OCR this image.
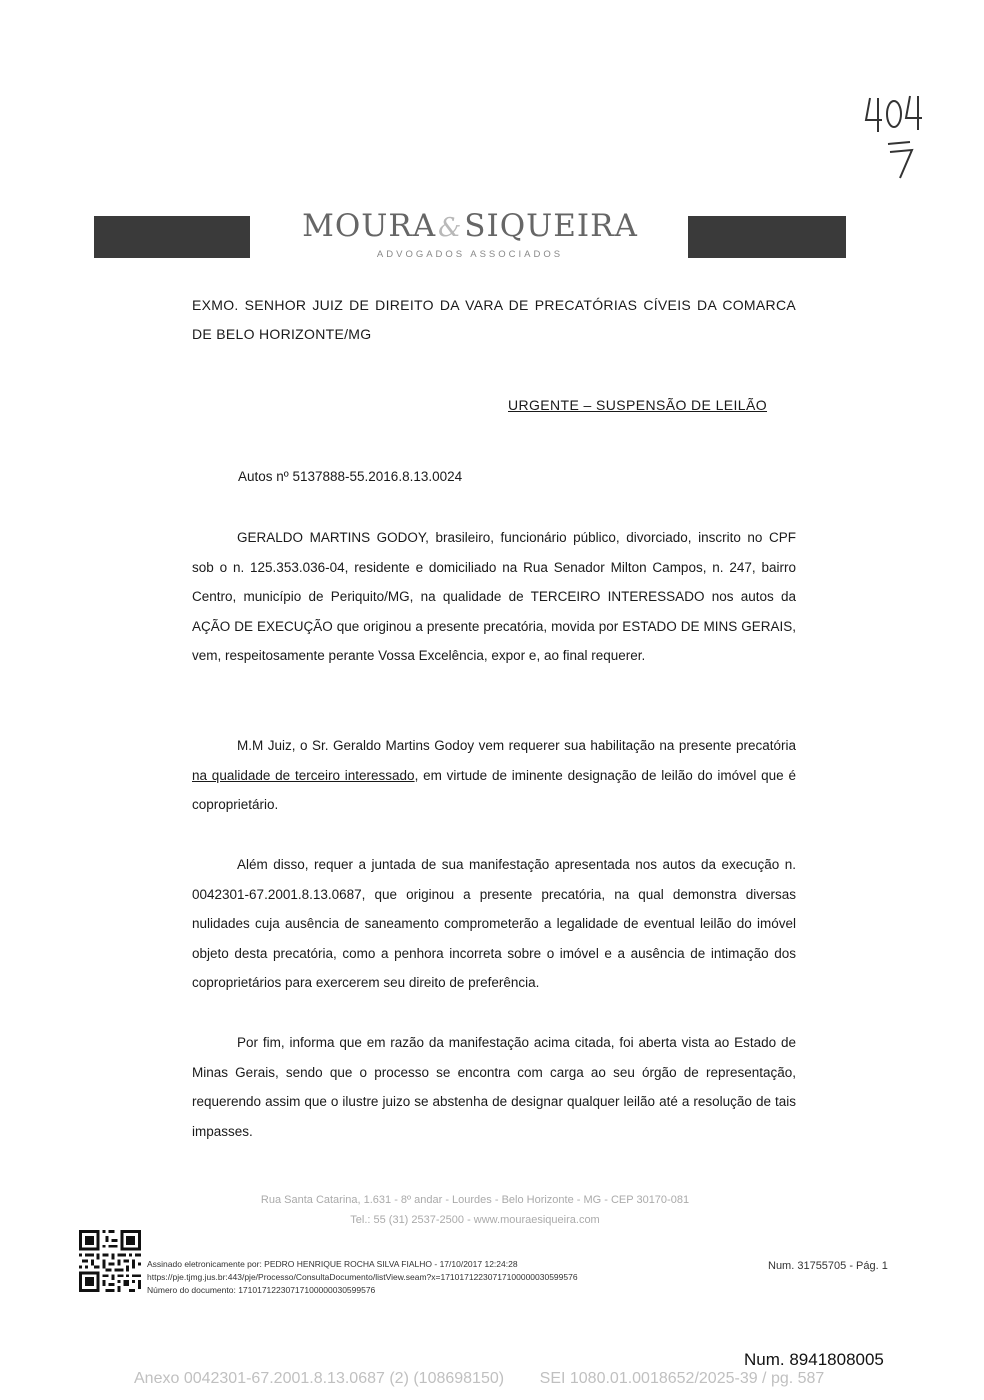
MOURA&SIQUEIRA
ADVOGADOS ASSOCIADOS
EXMO. SENHOR JUIZ DE DIREITO DA VARA DE PRECATÓRIAS CÍVEIS DA COMARCA DE BELO HORIZONTE/MG
URGENTE – SUSPENSÃO DE LEILÃO
Autos nº 5137888-55.2016.8.13.0024
GERALDO MARTINS GODOY, brasileiro, funcionário público, divorciado, inscrito no CPF sob o n. 125.353.036-04, residente e domiciliado na Rua Senador Milton Campos, n. 247, bairro Centro, município de Periquito/MG, na qualidade de TERCEIRO INTERESSADO nos autos da AÇÃO DE EXECUÇÃO que originou a presente precatória, movida por ESTADO DE MINS GERAIS, vem, respeitosamente perante Vossa Excelência, expor e, ao final requerer.
M.M Juiz, o Sr. Geraldo Martins Godoy vem requerer sua habilitação na presente precatória na qualidade de terceiro interessado, em virtude de iminente designação de leilão do imóvel que é coproprietário.
Além disso, requer a juntada de sua manifestação apresentada nos autos da execução n. 0042301-67.2001.8.13.0687, que originou a presente precatória, na qual demonstra diversas nulidades cuja ausência de saneamento comprometerão a legalidade de eventual leilão do imóvel objeto desta precatória, como a penhora incorreta sobre o imóvel e a ausência de intimação dos coproprietários para exercerem seu direito de preferência.
Por fim, informa que em razão da manifestação acima citada, foi aberta vista ao Estado de Minas Gerais, sendo que o processo se encontra com carga ao seu órgão de representação, requerendo assim que o ilustre juizo se abstenha de designar qualquer leilão até a resolução de tais impasses.
Rua Santa Catarina, 1.631 - 8º andar - Lourdes - Belo Horizonte - MG - CEP 30170-081
Tel.: 55 (31) 2537-2500 - www.mouraesiqueira.com
Assinado eletronicamente por: PEDRO HENRIQUE ROCHA SILVA FIALHO - 17/10/2017 12:24:28
https://pje.tjmg.jus.br:443/pje/Processo/ConsultaDocumento/listView.seam?x=17101712230717100000030599576
Número do documento: 17101712230717100000030599576
Num. 31755705 - Pág. 1
Num. 8941808005
Anexo 0042301-67.2001.8.13.0687 (2) (108698150) SEI 1080.01.0018652/2025-39 / pg. 587
